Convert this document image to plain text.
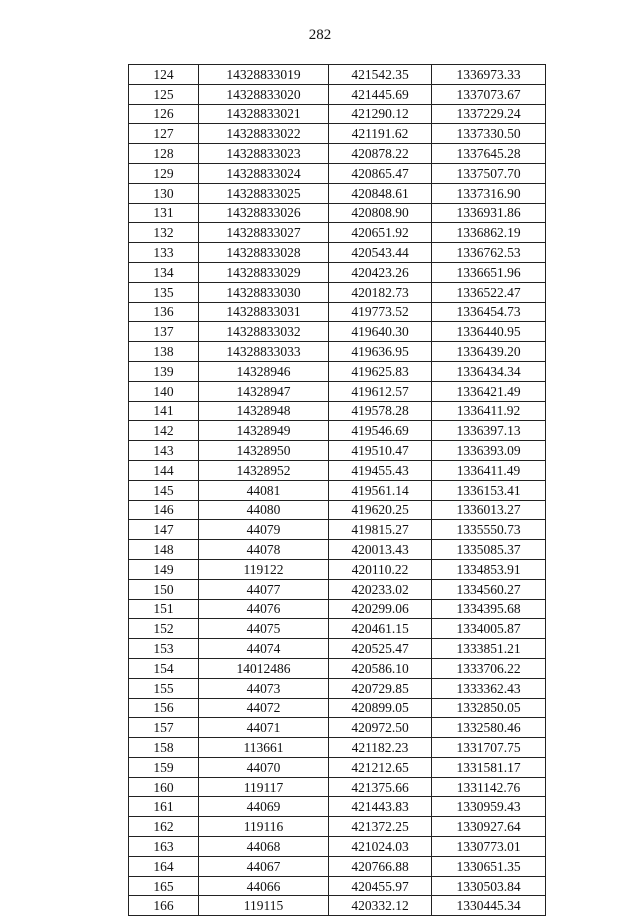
282
124	14328833019	421542.35	1336973.33
125	14328833020	421445.69	1337073.67
126	14328833021	421290.12	1337229.24
127	14328833022	421191.62	1337330.50
128	14328833023	420878.22	1337645.28
129	14328833024	420865.47	1337507.70
130	14328833025	420848.61	1337316.90
131	14328833026	420808.90	1336931.86
132	14328833027	420651.92	1336862.19
133	14328833028	420543.44	1336762.53
134	14328833029	420423.26	1336651.96
135	14328833030	420182.73	1336522.47
136	14328833031	419773.52	1336454.73
137	14328833032	419640.30	1336440.95
138	14328833033	419636.95	1336439.20
139	14328946	419625.83	1336434.34
140	14328947	419612.57	1336421.49
141	14328948	419578.28	1336411.92
142	14328949	419546.69	1336397.13
143	14328950	419510.47	1336393.09
144	14328952	419455.43	1336411.49
145	44081	419561.14	1336153.41
146	44080	419620.25	1336013.27
147	44079	419815.27	1335550.73
148	44078	420013.43	1335085.37
149	119122	420110.22	1334853.91
150	44077	420233.02	1334560.27
151	44076	420299.06	1334395.68
152	44075	420461.15	1334005.87
153	44074	420525.47	1333851.21
154	14012486	420586.10	1333706.22
155	44073	420729.85	1333362.43
156	44072	420899.05	1332850.05
157	44071	420972.50	1332580.46
158	113661	421182.23	1331707.75
159	44070	421212.65	1331581.17
160	119117	421375.66	1331142.76
161	44069	421443.83	1330959.43
162	119116	421372.25	1330927.64
163	44068	421024.03	1330773.01
164	44067	420766.88	1330651.35
165	44066	420455.97	1330503.84
166	119115	420332.12	1330445.34
